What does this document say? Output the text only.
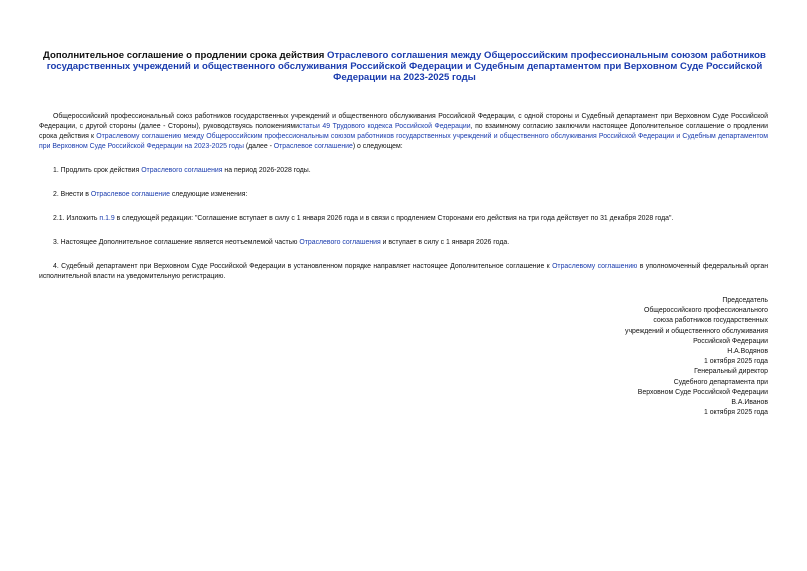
Дополнительное соглашение о продлении срока действия Отраслевого соглашения между Общероссийским профессиональным союзом работников государственных учреждений и общественного обслуживания Российской Федерации и Судебным департаментом при Верховном Суде Российской Федерации на 2023-2025 годы

Общероссийский профессиональный союз работников государственных учреждений и общественного обслуживания Российской Федерации, с одной стороны и Судебный департамент при Верховном Суде Российской Федерации, с другой стороны (далее - Стороны), руководствуясь положениямистатьи 49 Трудового кодекса Российской Федерации, по взаимному согласию заключили настоящее Дополнительное соглашение о продлении срока действия к Отраслевому соглашению между Общероссийским профессиональным союзом работников государственных учреждений и общественного обслуживания Российской Федерации и Судебным департаментом при Верховном Суде Российской Федерации на 2023-2025 годы (далее - Отраслевое соглашение) о следующем:

1. Продлить срок действия Отраслевого соглашения на период 2026-2028 годы.

2. Внести в Отраслевое соглашение следующие изменения:

2.1. Изложить п.1.9 в следующей редакции: "Соглашение вступает в силу с 1 января 2026 года и в связи с продлением Сторонами его действия на три года действует по 31 декабря 2028 года".

3. Настоящее Дополнительное соглашение является неотъемлемой частью Отраслевого соглашения и вступает в силу с 1 января 2026 года.

4. Судебный департамент при Верховном Суде Российской Федерации в установленном порядке направляет настоящее Дополнительное соглашение к Отраслевому соглашению в уполномоченный федеральный орган исполнительной власти на уведомительную регистрацию.

Председатель
Общероссийского профессионального
союза работников государственных
учреждений и общественного обслуживания
Российской Федерации
Н.А.Водянов
1 октября 2025 года
Генеральный директор
Судебного департамента при
Верховном Суде Российской Федерации
В.А.Иванов
1 октября 2025 года
